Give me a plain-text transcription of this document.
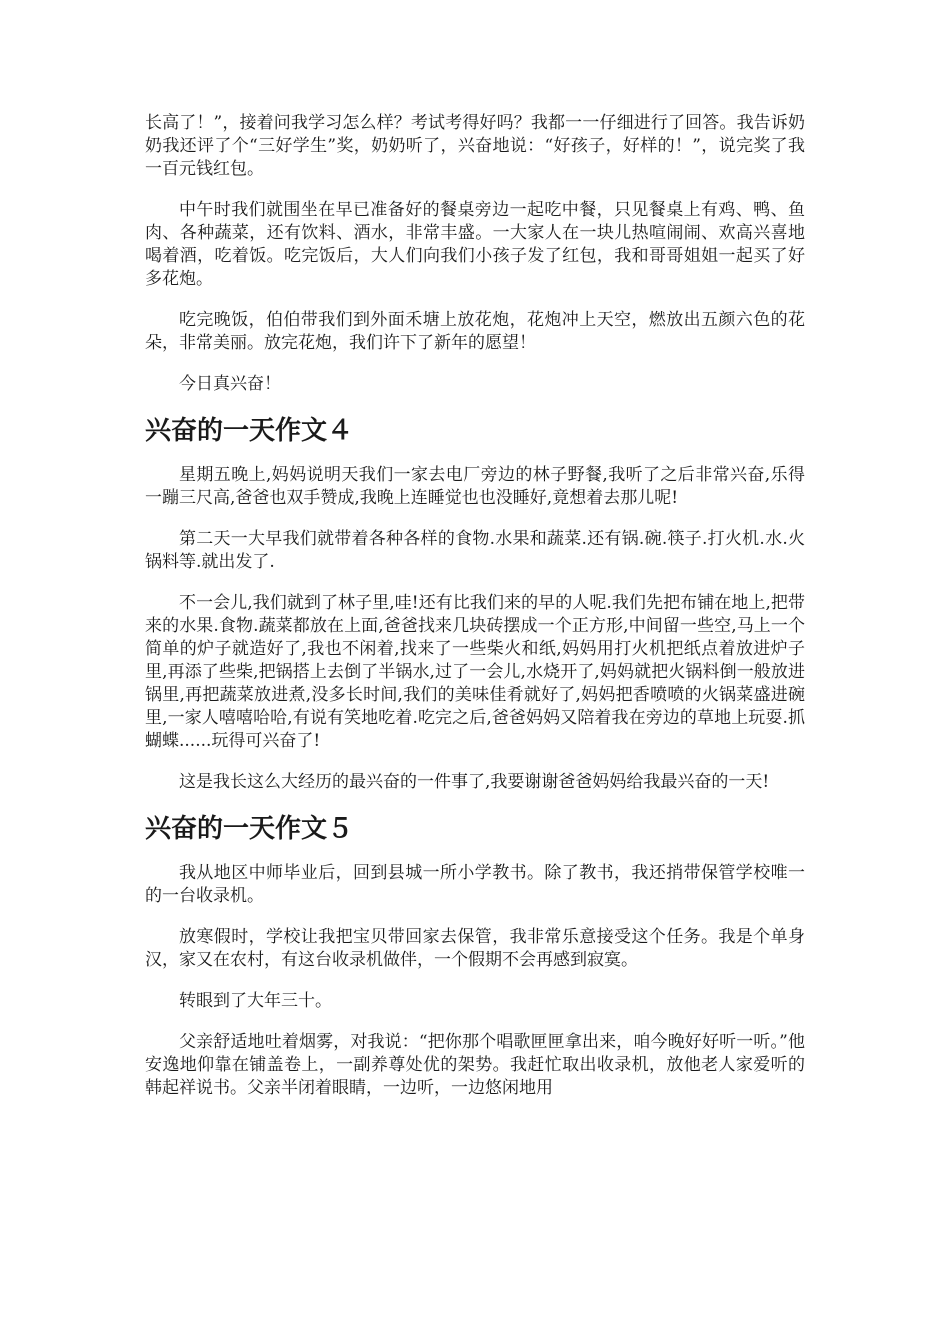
长高了！”，接着问我学习怎么样？考试考得好吗？我都一一仔细进行了回答。我告诉奶奶我还评了个“三好学生”奖，奶奶听了，兴奋地说：“好孩子，好样的！”，说完奖了我一百元钱红包。

中午时我们就围坐在早已准备好的餐桌旁边一起吃中餐，只见餐桌上有鸡、鸭、鱼肉、各种蔬菜，还有饮料、酒水，非常丰盛。一大家人在一块儿热喧闹闹、欢高兴喜地喝着酒，吃着饭。吃完饭后，大人们向我们小孩子发了红包，我和哥哥姐姐一起买了好多花炮。

吃完晚饭，伯伯带我们到外面禾塘上放花炮，花炮冲上天空，燃放出五颜六色的花朵，非常美丽。放完花炮，我们许下了新年的愿望！

今日真兴奋！

兴奋的一天作文４

星期五晚上,妈妈说明天我们一家去电厂旁边的林子野餐,我听了之后非常兴奋,乐得一蹦三尺高,爸爸也双手赞成,我晚上连睡觉也也没睡好,竟想着去那儿呢!

第二天一大早我们就带着各种各样的食物.水果和蔬菜.还有锅.碗.筷子.打火机.水.火锅料等.就出发了.

不一会儿,我们就到了林子里,哇!还有比我们来的早的人呢.我们先把布铺在地上,把带来的水果.食物.蔬菜都放在上面,爸爸找来几块砖摆成一个正方形,中间留一些空,马上一个简单的炉子就造好了,我也不闲着,找来了一些柴火和纸,妈妈用打火机把纸点着放进炉子里,再添了些柴,把锅搭上去倒了半锅水,过了一会儿,水烧开了,妈妈就把火锅料倒一般放进锅里,再把蔬菜放进煮,没多长时间,我们的美味佳肴就好了,妈妈把香喷喷的火锅菜盛进碗里,一家人嘻嘻哈哈,有说有笑地吃着.吃完之后,爸爸妈妈又陪着我在旁边的草地上玩耍.抓蝴蝶......玩得可兴奋了!

这是我长这么大经历的最兴奋的一件事了,我要谢谢爸爸妈妈给我最兴奋的一天!

兴奋的一天作文５

我从地区中师毕业后，回到县城一所小学教书。除了教书，我还捎带保管学校唯一的一台收录机。

放寒假时，学校让我把宝贝带回家去保管，我非常乐意接受这个任务。我是个单身汉，家又在农村，有这台收录机做伴，一个假期不会再感到寂寞。

转眼到了大年三十。

父亲舒适地吐着烟雾，对我说：“把你那个唱歌匣匣拿出来，咱今晚好好听一听。”他安逸地仰靠在铺盖卷上，一副养尊处优的架势。我赶忙取出收录机，放他老人家爱听的韩起祥说书。父亲半闭着眼睛，一边听，一边悠闲地用
